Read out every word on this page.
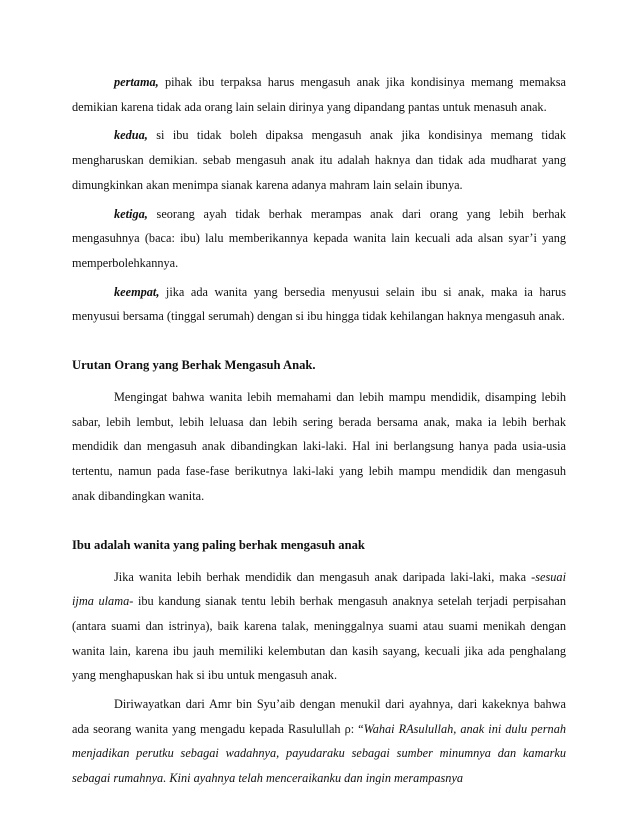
pertama, pihak ibu terpaksa harus mengasuh anak jika kondisinya memang memaksa demikian karena tidak ada orang lain selain dirinya yang dipandang pantas untuk menasuh anak.

kedua, si ibu tidak boleh dipaksa mengasuh anak jika kondisinya memang tidak mengharuskan demikian. sebab mengasuh anak itu adalah haknya dan tidak ada mudharat yang dimungkinkan akan menimpa sianak karena adanya mahram lain selain ibunya.

ketiga, seorang ayah tidak berhak merampas anak dari orang yang lebih berhak mengasuhnya (baca: ibu) lalu memberikannya kepada wanita lain kecuali ada alsan syar’i yang memperbolehkannya.

keempat, jika ada wanita yang bersedia menyusui selain ibu si anak, maka ia harus menyusui bersama (tinggal serumah) dengan si ibu hingga tidak kehilangan haknya mengasuh anak.

Urutan Orang yang Berhak Mengasuh Anak.

Mengingat bahwa wanita lebih memahami dan lebih mampu mendidik, disamping lebih sabar, lebih lembut, lebih leluasa dan lebih sering berada bersama anak, maka ia lebih berhak mendidik dan mengasuh anak dibandingkan laki-laki. Hal ini berlangsung hanya pada usia-usia tertentu, namun pada fase-fase berikutnya laki-laki yang lebih mampu mendidik dan mengasuh anak dibandingkan wanita.

Ibu adalah wanita yang paling berhak mengasuh anak

Jika wanita lebih berhak mendidik dan mengasuh anak daripada laki-laki, maka -sesuai ijma ulama- ibu kandung sianak tentu lebih berhak mengasuh anaknya setelah terjadi perpisahan (antara suami dan istrinya), baik karena talak, meninggalnya suami atau suami menikah dengan wanita lain, karena ibu jauh memiliki kelembutan dan kasih sayang, kecuali jika ada penghalang yang menghapuskan hak si ibu untuk mengasuh anak.

Diriwayatkan dari Amr bin Syu’aib dengan menukil dari ayahnya, dari kakeknya bahwa ada seorang wanita yang mengadu kepada Rasulullah ρ: “Wahai RAsulullah, anak ini dulu pernah menjadikan perutku sebagai wadahnya, payudaraku sebagai sumber minumnya dan kamarku sebagai rumahnya. Kini ayahnya telah menceraikanku dan ingin merampasnya
